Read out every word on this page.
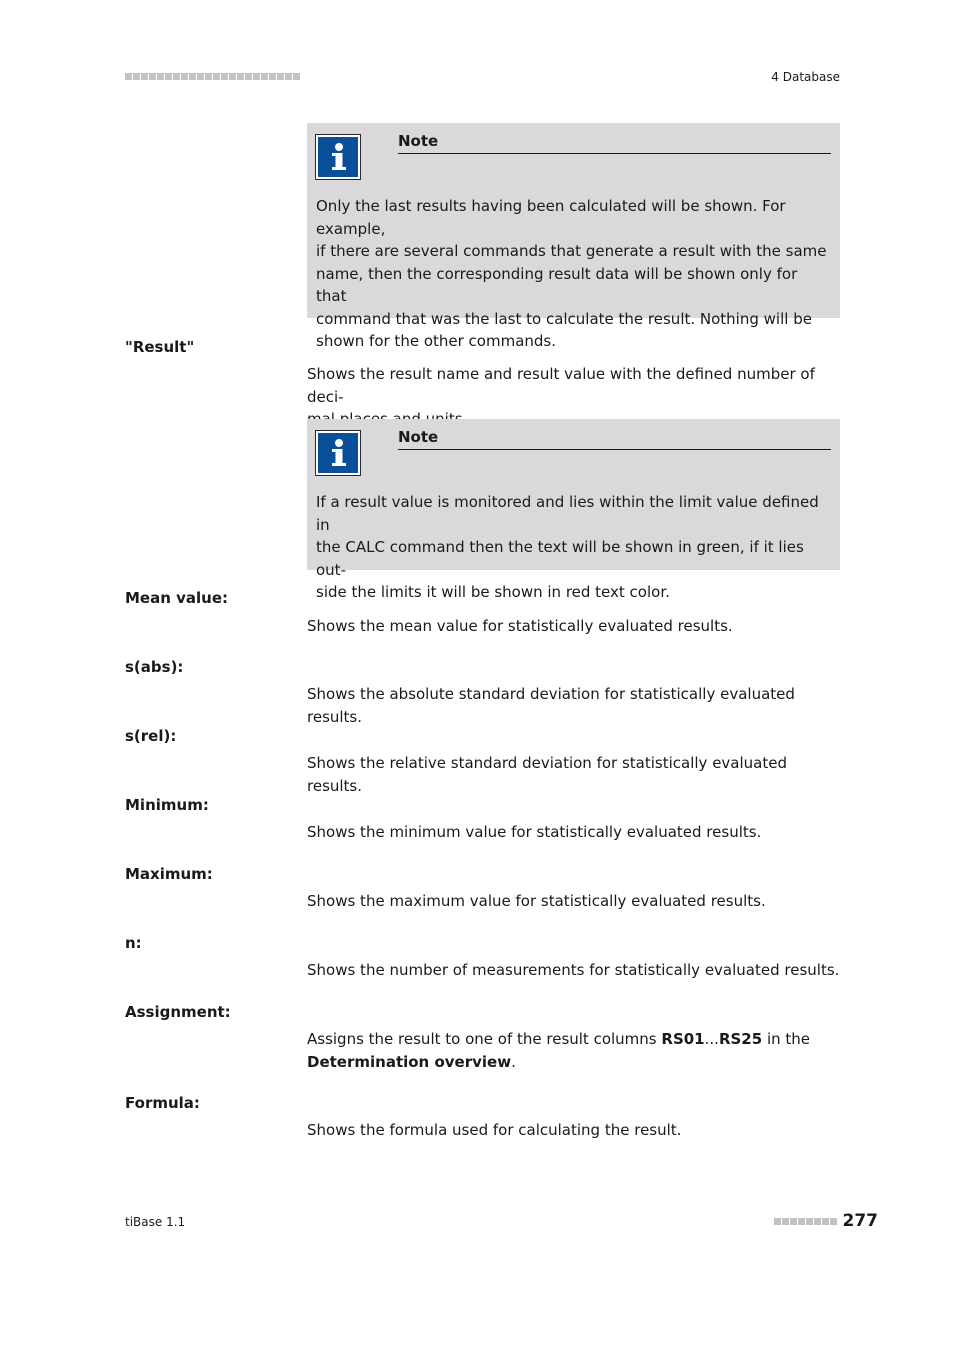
4 Database
Note
Only the last results having been calculated will be shown. For example,
if there are several commands that generate a result with the same
name, then the corresponding result data will be shown only for that
command that was the last to calculate the result. Nothing will be
shown for the other commands.
"Result"
Shows the result name and result value with the defined number of deci-
Note
If a result value is monitored and lies within the limit value defined in
the CALC command then the text will be shown in green, if it lies out-
side the limits it will be shown in red text color.
Mean value:
Shows the mean value for statistically evaluated results.
s(abs):
Shows the absolute standard deviation for statistically evaluated results.
s(rel):
Shows the relative standard deviation for statistically evaluated results.
Minimum:
Shows the minimum value for statistically evaluated results.
Maximum:
Shows the maximum value for statistically evaluated results.
n:
Shows the number of measurements for statistically evaluated results.
Assignment:
Assigns the result to one of the result columns RS01...RS25 in the
Determination overview.
Formula:
Shows the formula used for calculating the result.
tiBase 1.1	277
